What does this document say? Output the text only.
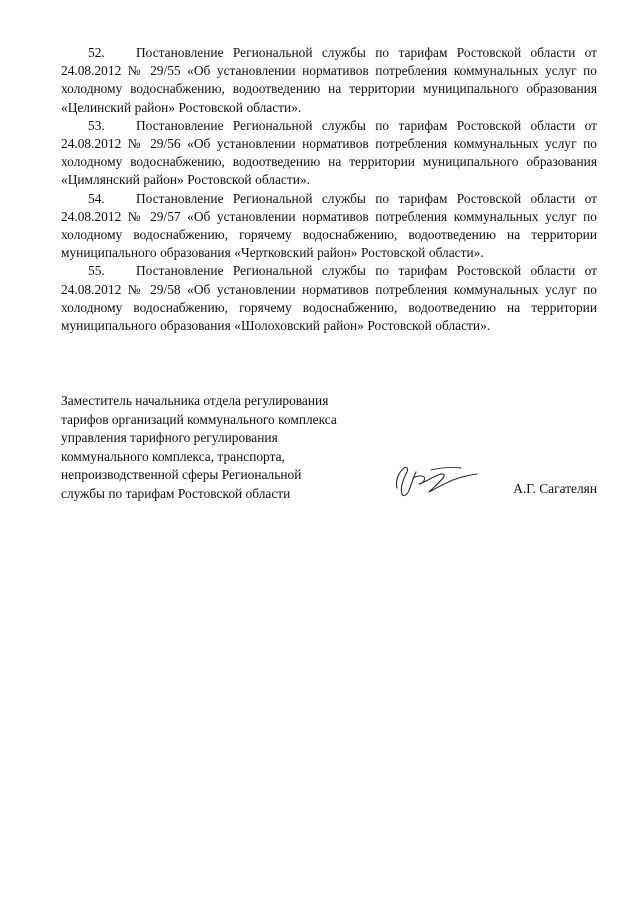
52. Постановление Региональной службы по тарифам Ростовской области от 24.08.2012 № 29/55 «Об установлении нормативов потребления коммунальных услуг по холодному водоснабжению, водоотведению на территории муниципального образования «Целинский район» Ростовской области».

53. Постановление Региональной службы по тарифам Ростовской области от 24.08.2012 № 29/56 «Об установлении нормативов потребления коммунальных услуг по холодному водоснабжению, водоотведению на территории муниципального образования «Цимлянский район» Ростовской области».

54. Постановление Региональной службы по тарифам Ростовской области от 24.08.2012 № 29/57 «Об установлении нормативов потребления коммунальных услуг по холодному водоснабжению, горячему водоснабжению, водоотведению на территории муниципального образования «Чертковский район» Ростовской области».

55. Постановление Региональной службы по тарифам Ростовской области от 24.08.2012 № 29/58 «Об установлении нормативов потребления коммунальных услуг по холодному водоснабжению, горячему водоснабжению, водоотведению на территории муниципального образования «Шолоховский район» Ростовской области».

Заместитель начальника отдела регулирования
тарифов организаций коммунального комплекса
управления тарифного регулирования
коммунального комплекса, транспорта,
непроизводственной сферы Региональной
службы по тарифам Ростовской области	А.Г. Сагателян
